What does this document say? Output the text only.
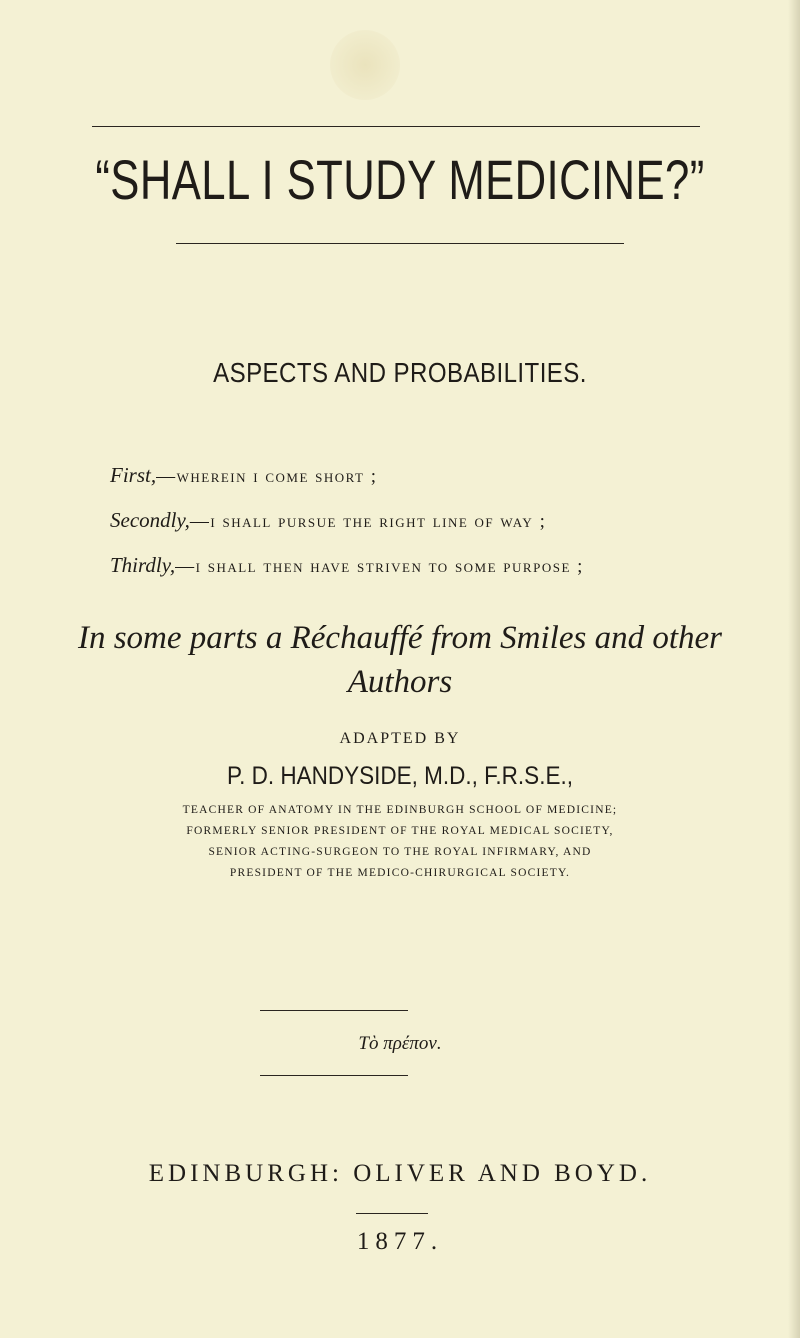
“SHALL I STUDY MEDICINE?”
ASPECTS AND PROBABILITIES.
First,—wherein i come short ;
Secondly,—i shall pursue the right line of way ;
Thirdly,—i shall then have striven to some purpose ;
In some parts a Réchauffé from Smiles and other
Authors
ADAPTED BY
P. D. HANDYSIDE, M.D., F.R.S.E.,
TEACHER OF ANATOMY IN THE EDINBURGH SCHOOL OF MEDICINE;
FORMERLY SENIOR PRESIDENT OF THE ROYAL MEDICAL SOCIETY,
SENIOR ACTING-SURGEON TO THE ROYAL INFIRMARY, AND
PRESIDENT OF THE MEDICO-CHIRURGICAL SOCIETY.
Τὸ πρέπον.
EDINBURGH: OLIVER AND BOYD.
1877.
